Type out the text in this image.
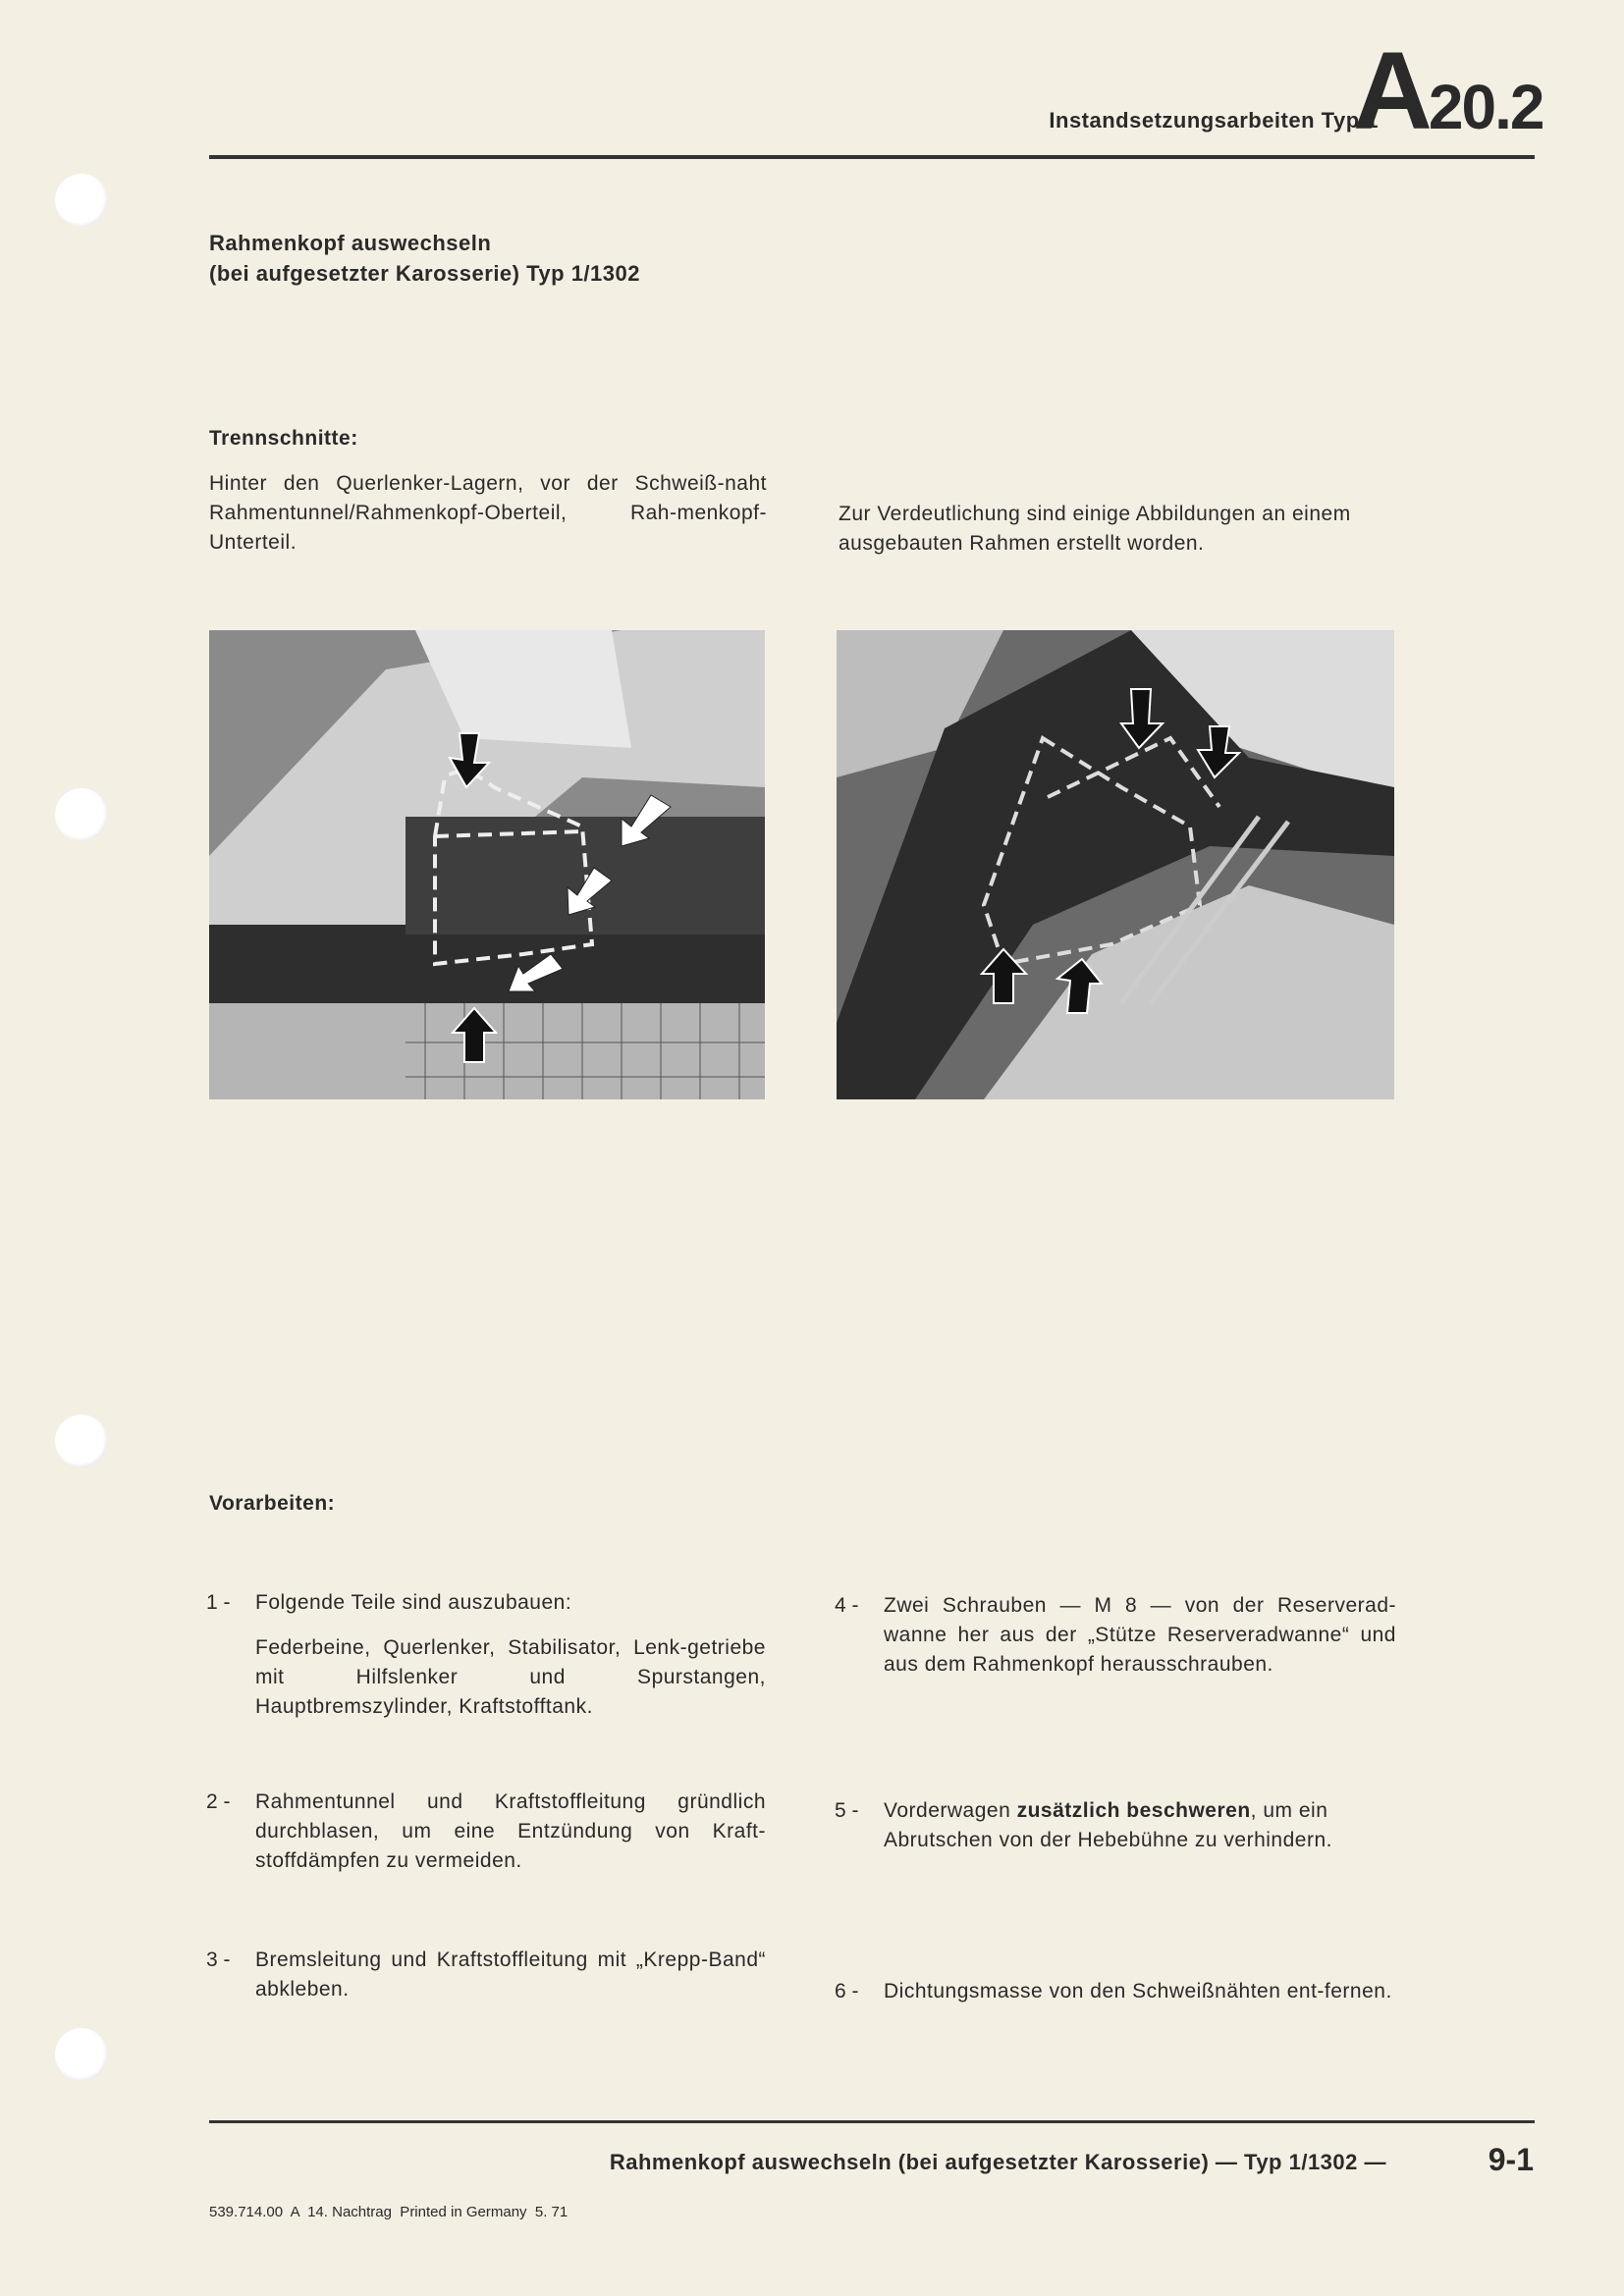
Instandsetzungsarbeiten Typ 1
A20.2
Rahmenkopf auswechseln
(bei aufgesetzter Karosserie) Typ 1/1302
Trennschnitte:
Hinter den Querlenker-Lagern, vor der Schweiß-naht Rahmentunnel/Rahmenkopf-Oberteil, Rah-menkopf-Unterteil.
Zur Verdeutlichung sind einige Abbildungen an einem ausgebauten Rahmen erstellt worden.
Vorarbeiten:
1 - Folgende Teile sind auszubauen:
Federbeine, Querlenker, Stabilisator, Lenk-getriebe mit Hilfslenker und Spurstangen, Hauptbremszylinder, Kraftstofftank.
2 - Rahmentunnel und Kraftstoffleitung gründlich durchblasen, um eine Entzündung von Kraft-stoffdämpfen zu vermeiden.
3 - Bremsleitung und Kraftstoffleitung mit „Krepp-Band“ abkleben.
4 - Zwei Schrauben — M 8 — von der Reserverad-wanne her aus der „Stütze Reserveradwanne“ und aus dem Rahmenkopf herausschrauben.
5 - Vorderwagen zusätzlich beschweren, um ein Abrutschen von der Hebebühne zu verhindern.
6 - Dichtungsmasse von den Schweißnähten ent-fernen.
Rahmenkopf auswechseln (bei aufgesetzter Karosserie) — Typ 1/1302 —	9-1
539.714.00  A  14. Nachtrag  Printed in Germany  5. 71
